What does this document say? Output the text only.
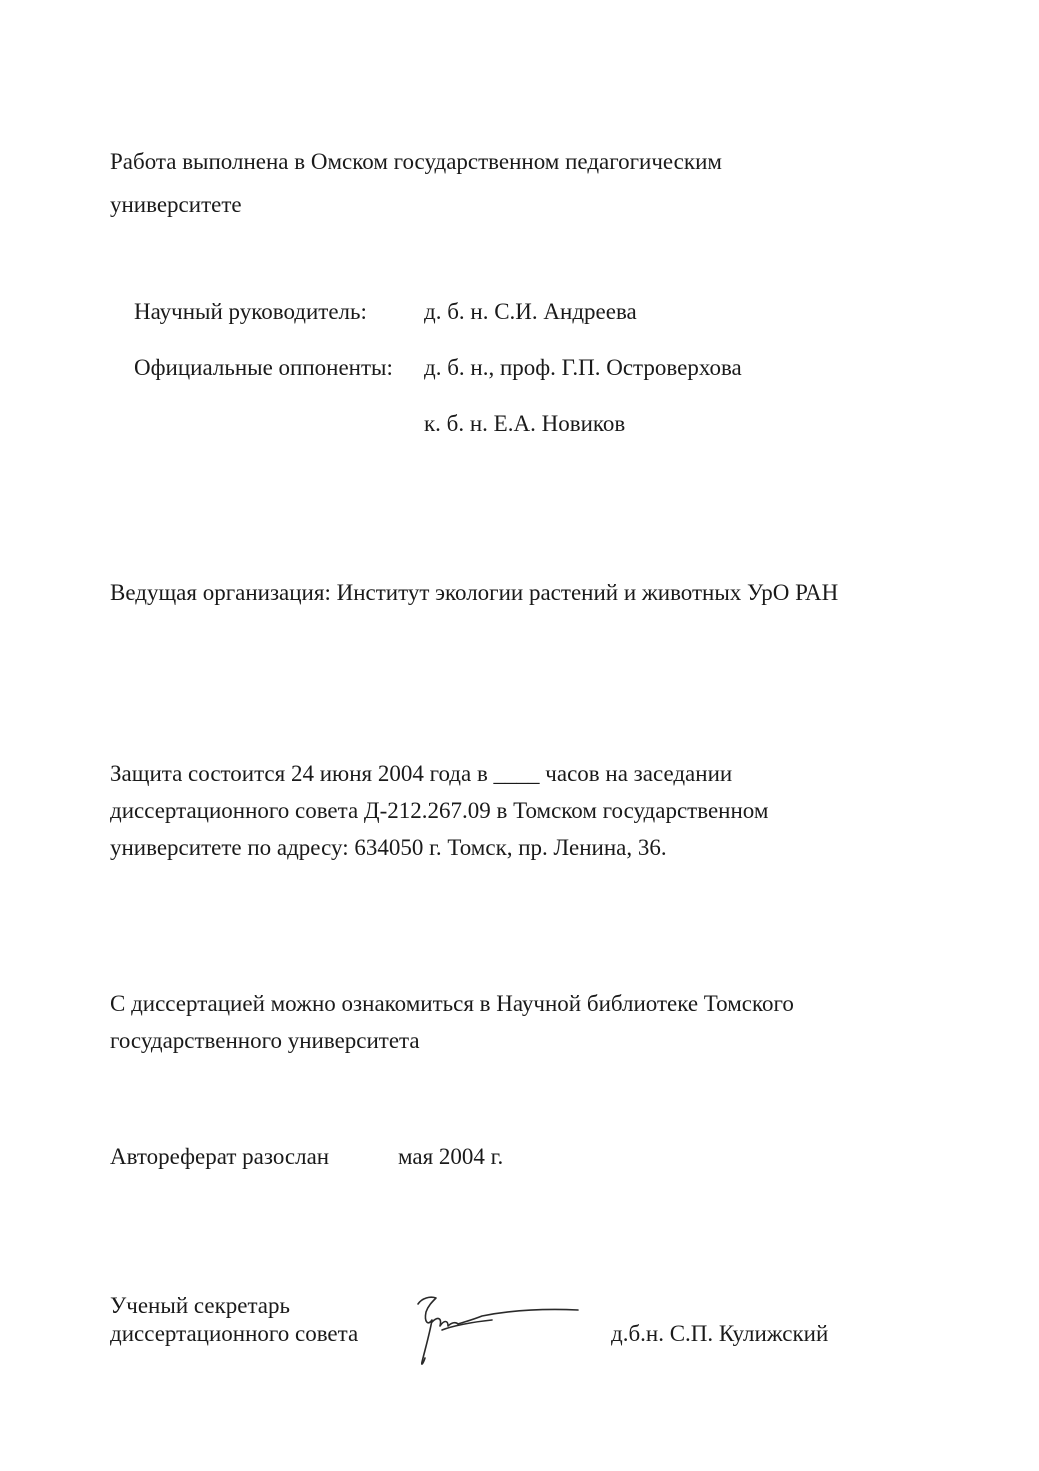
Работа выполнена в Омском государственном педагогическим
университете
Научный руководитель: д. б. н. С.И. Андреева
Официальные оппоненты: д. б. н., проф. Г.П. Островерхова
к. б. н. Е.А. Новиков
Ведущая организация: Институт экологии растений и животных УрО РАН
Защита состоится 24 июня 2004 года в ____ часов на заседании
диссертационного совета Д-212.267.09 в Томском государственном
университете по адресу: 634050 г. Томск, пр. Ленина, 36.
С диссертацией можно ознакомиться в Научной библиотеке Томского
государственного университета
Автореферат разослан	мая 2004 г.
Ученый секретарь
диссертационного совета	д.б.н. С.П. Кулижский
